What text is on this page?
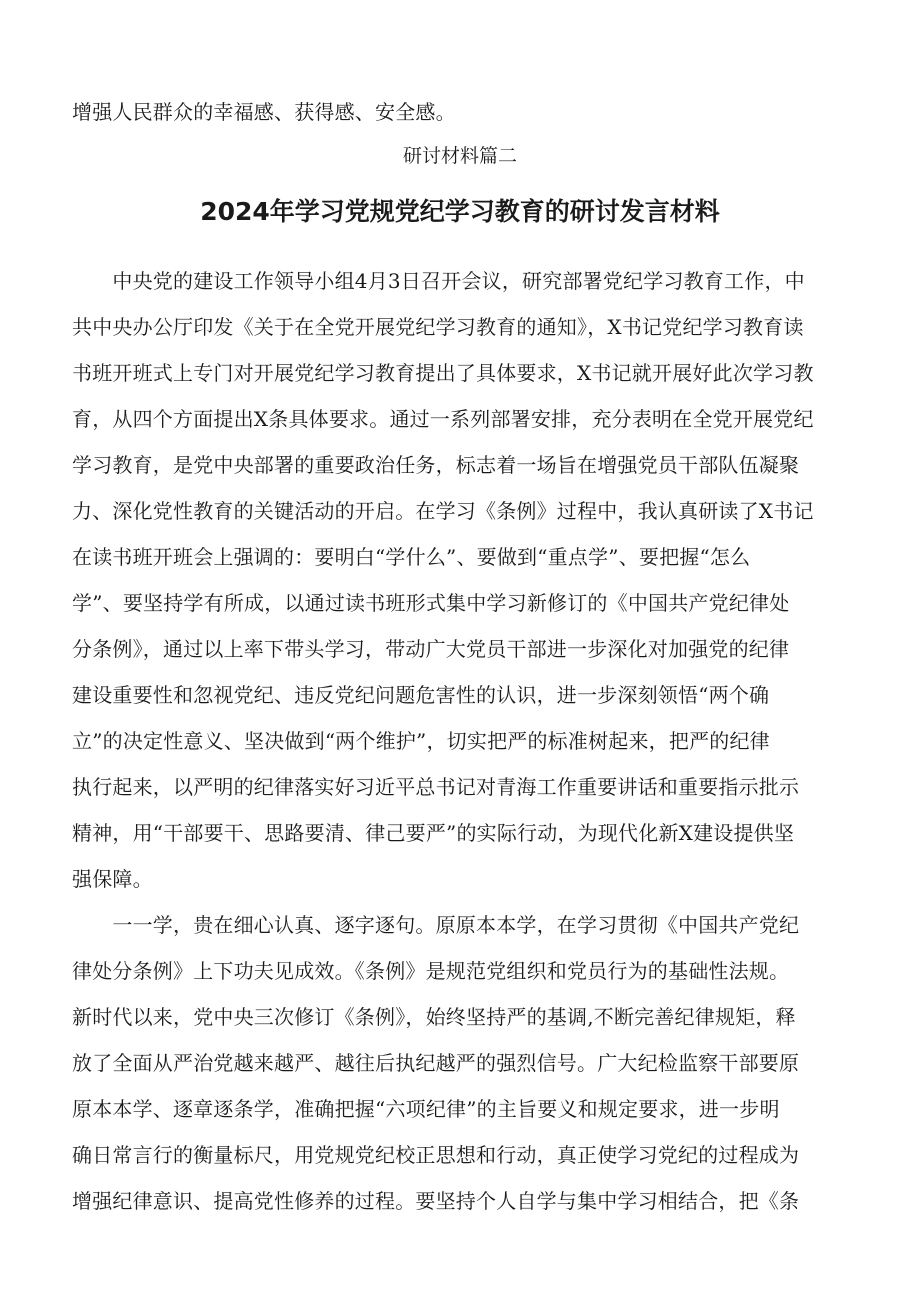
增强人民群众的幸福感、获得感、安全感。
研讨材料篇二
2024年学习党规党纪学习教育的研讨发言材料
　　中央党的建设工作领导小组4月3日召开会议，研究部署党纪学习教育工作，中
共中央办公厅印发《关于在全党开展党纪学习教育的通知》，X书记党纪学习教育读
书班开班式上专门对开展党纪学习教育提出了具体要求，X书记就开展好此次学习教
育，从四个方面提出X条具体要求。通过一系列部署安排，充分表明在全党开展党纪
学习教育，是党中央部署的重要政治任务，标志着一场旨在增强党员干部队伍凝聚
力、深化党性教育的关键活动的开启。在学习《条例》过程中，我认真研读了X书记
在读书班开班会上强调的：要明白“学什么”、要做到“重点学”、要把握“怎么
学”、要坚持学有所成，以通过读书班形式集中学习新修订的《中国共产党纪律处
分条例》，通过以上率下带头学习，带动广大党员干部进一步深化对加强党的纪律
建设重要性和忽视党纪、违反党纪问题危害性的认识，进一步深刻领悟“两个确
立”的决定性意义、坚决做到“两个维护”，切实把严的标准树起来，把严的纪律
执行起来，以严明的纪律落实好习近平总书记对青海工作重要讲话和重要指示批示
精神，用“干部要干、思路要清、律己要严”的实际行动，为现代化新X建设提供坚
强保障。
　　一一学，贵在细心认真、逐字逐句。原原本本学，在学习贯彻《中国共产党纪
律处分条例》上下功夫见成效。《条例》是规范党组织和党员行为的基础性法规。
新时代以来，党中央三次修订《条例》，始终坚持严的基调,不断完善纪律规矩，释
放了全面从严治党越来越严、越往后执纪越严的强烈信号。广大纪检监察干部要原
原本本学、逐章逐条学，准确把握“六项纪律”的主旨要义和规定要求，进一步明
确日常言行的衡量标尺，用党规党纪校正思想和行动，真正使学习党纪的过程成为
增强纪律意识、提高党性修养的过程。要坚持个人自学与集中学习相结合，把《条
